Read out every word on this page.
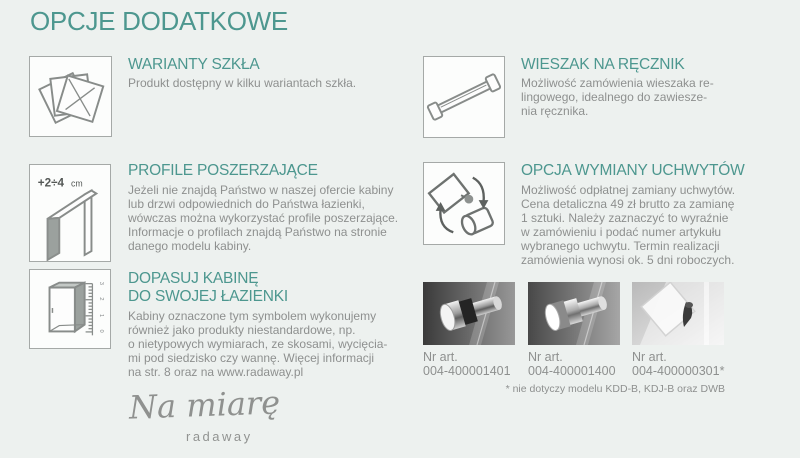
OPCJE DODATKOWE
WARIANTY SZKŁA
Produkt dostępny w kilku wariantach szkła.
+2÷4 cm
PROFILE POSZERZAJĄCE
Jeżeli nie znajdą Państwo w naszej ofercie kabiny
lub drzwi odpowiednich do Państwa łazienki,
wówczas można wykorzystać profile poszerzające.
Informacje o profilach znajdą Państwo na stronie
danego modelu kabiny.
3
2
1
0
DOPASUJ KABINĘ
DO SWOJEJ ŁAZIENKI
Kabiny oznaczone tym symbolem wykonujemy
również jako produkty niestandardowe, np.
o nietypowych wymiarach, ze skosami, wycięcia-
mi pod siedzisko czy wannę. Więcej informacji
na str. 8 oraz na www.radaway.pl
Na miarę
radaway
WIESZAK NA RĘCZNIK
Możliwość zamówienia wieszaka re-
lingowego, idealnego do zawiesze-
nia ręcznika.
OPCJA WYMIANY UCHWYTÓW
Możliwość odpłatnej zamiany uchwytów.
Cena detaliczna 49 zł brutto za zamianę
1 sztuki. Należy zaznaczyć to wyraźnie
w zamówieniu i podać numer artykułu
wybranego uchwytu. Termin realizacji
zamówienia wynosi ok. 5 dni roboczych.
Nr art.
004-400001401
Nr art.
004-400001400
Nr art.
004-400000301*
* nie dotyczy modelu KDD-B, KDJ-B oraz DWB
